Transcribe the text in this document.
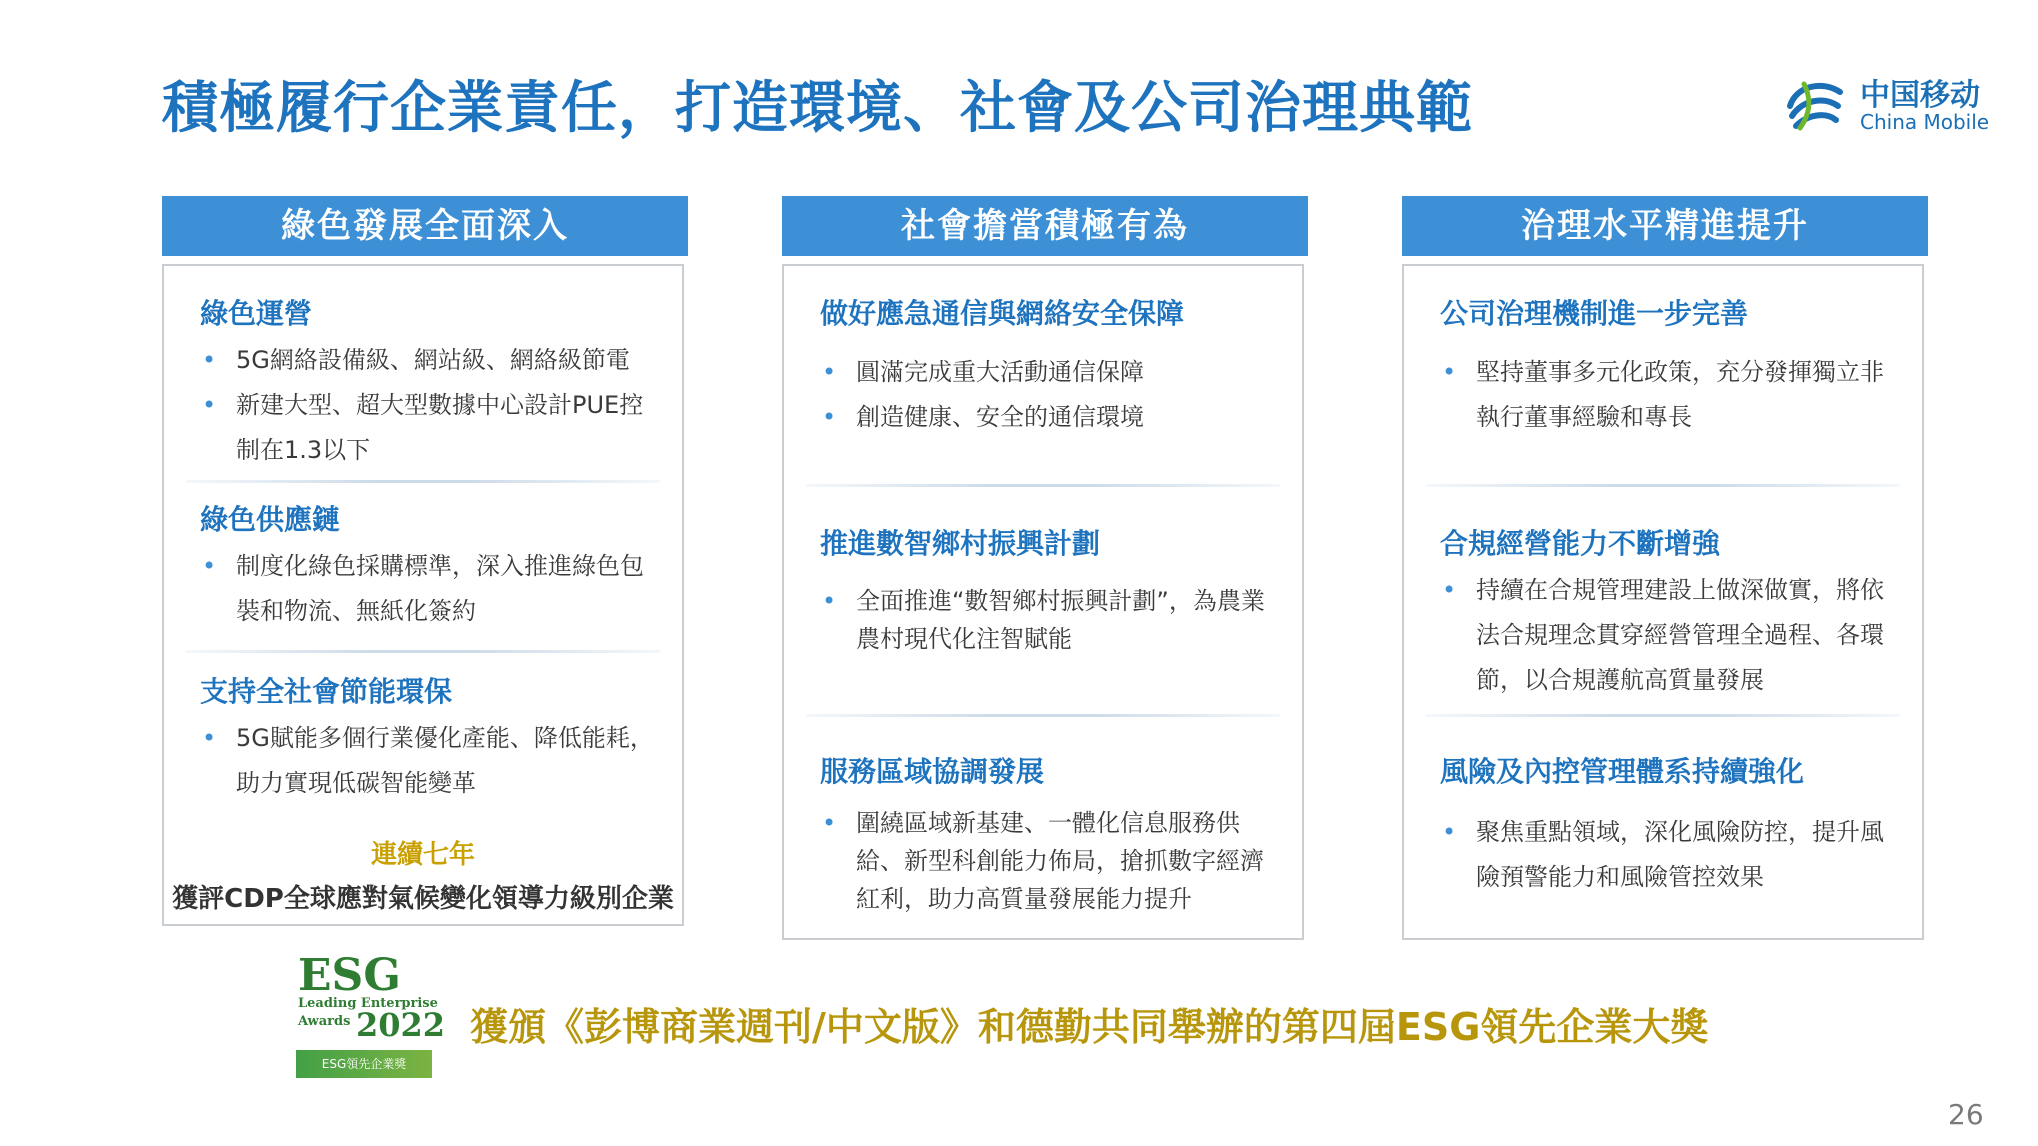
積極履行企業責任，打造環境、社會及公司治理典範	中国移动
China Mobile
綠色發展全面深入
綠色運營
• 5G網絡設備級、網站級、網絡級節電
• 新建大型、超大型數據中心設計PUE控制在1.3以下
綠色供應鏈
• 制度化綠色採購標準，深入推進綠色包裝和物流、無紙化簽約
支持全社會節能環保
• 5G賦能多個行業優化產能、降低能耗，助力實現低碳智能變革
連續七年
獲評CDP全球應對氣候變化領導力級別企業
社會擔當積極有為
做好應急通信與網絡安全保障
• 圓滿完成重大活動通信保障
• 創造健康、安全的通信環境
推進數智鄉村振興計劃
• 全面推進“數智鄉村振興計劃”，為農業農村現代化注智賦能
服務區域協調發展
• 圍繞區域新基建、一體化信息服務供給、新型科創能力佈局，搶抓數字經濟紅利，助力高質量發展能力提升
治理水平精進提升
公司治理機制進一步完善
• 堅持董事多元化政策，充分發揮獨立非執行董事經驗和專長
合規經營能力不斷增強
• 持續在合規管理建設上做深做實，將依法合規理念貫穿經營管理全過程、各環節，以合規護航高質量發展
風險及內控管理體系持續強化
• 聚焦重點領域，深化風險防控，提升風險預警能力和風險管控效果
ESG
Leading Enterprise
Awards 2022
ESG領先企業獎
獲頒《彭博商業週刊/中文版》和德勤共同舉辦的第四屆ESG領先企業大獎
26
